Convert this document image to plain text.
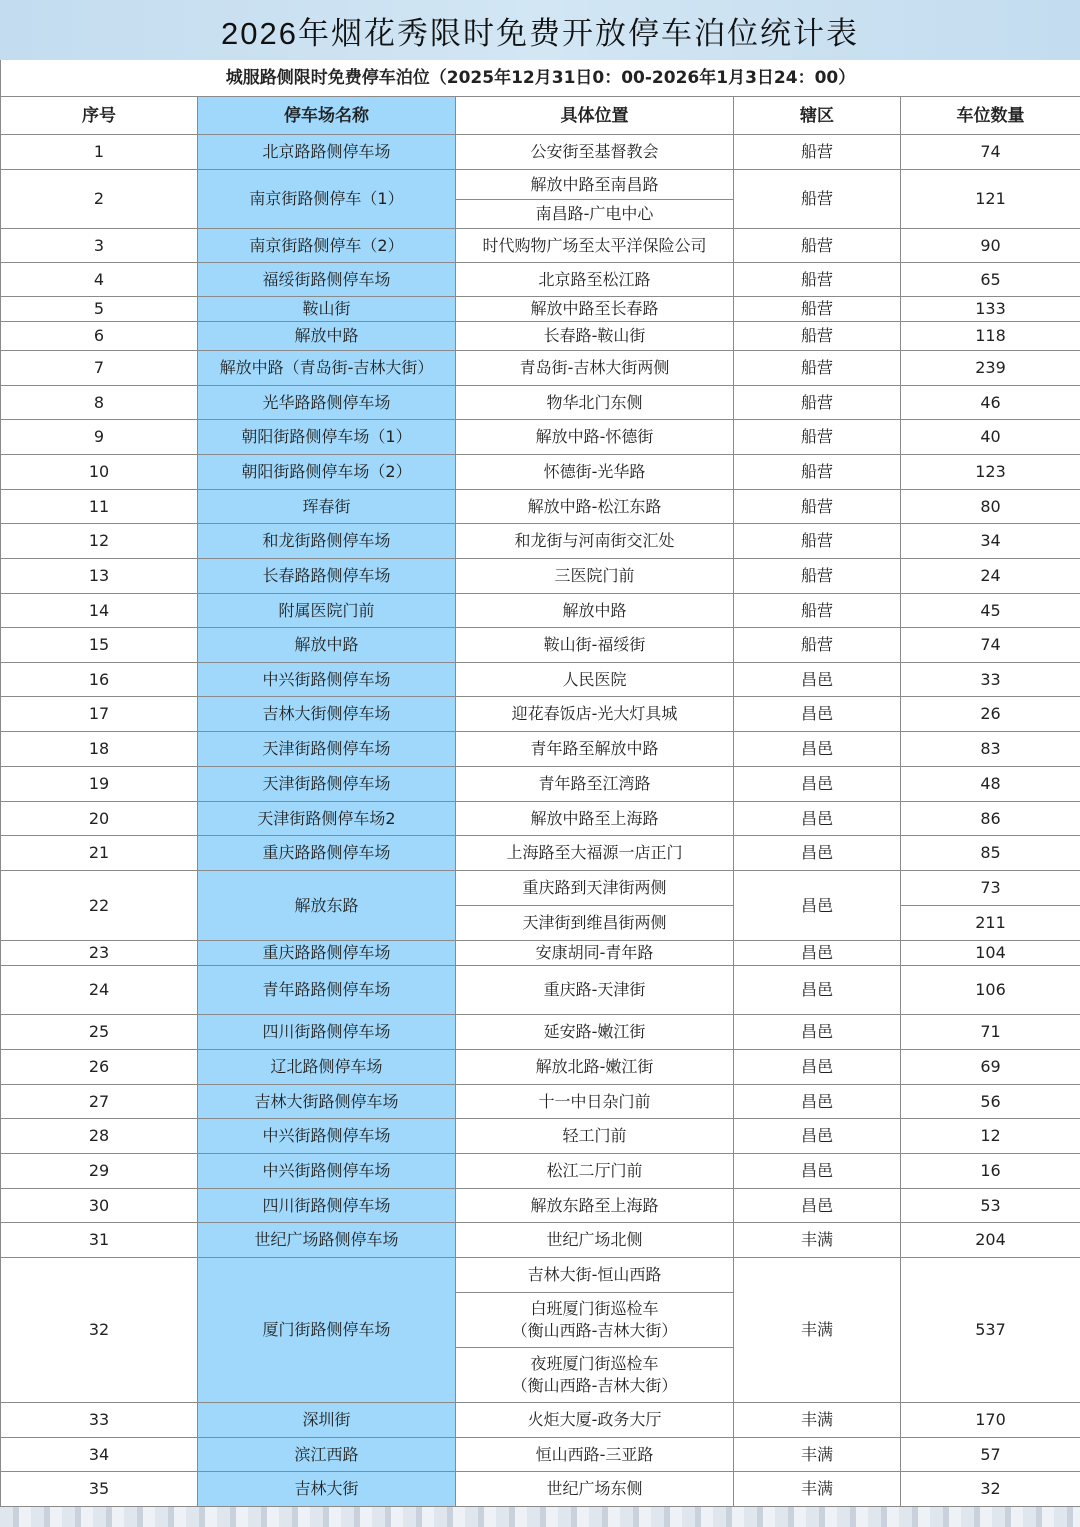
2026年烟花秀限时免费开放停车泊位统计表
城服路侧限时免费停车泊位（2025年12月31日0：00-2026年1月3日24：00）				
序号	停车场名称	具体位置	辖区	车位数量
1	北京路路侧停车场	公安街至基督教会	船营	74
2	南京街路侧停车（1）	解放中路至南昌路	船营	121
		南昌路-广电中心		
3	南京街路侧停车（2）	时代购物广场至太平洋保险公司	船营	90
4	福绥街路侧停车场	北京路至松江路	船营	65
5	鞍山街	解放中路至长春路	船营	133
6	解放中路	长春路-鞍山街	船营	118
7	解放中路（青岛街-吉林大街）	青岛街-吉林大街两侧	船营	239
8	光华路路侧停车场	物华北门东侧	船营	46
9	朝阳街路侧停车场（1）	解放中路-怀德街	船营	40
10	朝阳街路侧停车场（2）	怀德街-光华路	船营	123
11	珲春街	解放中路-松江东路	船营	80
12	和龙街路侧停车场	和龙街与河南街交汇处	船营	34
13	长春路路侧停车场	三医院门前	船营	24
14	附属医院门前	解放中路	船营	45
15	解放中路	鞍山街-福绥街	船营	74
16	中兴街路侧停车场	人民医院	昌邑	33
17	吉林大街侧停车场	迎花春饭店-光大灯具城	昌邑	26
18	天津街路侧停车场	青年路至解放中路	昌邑	83
19	天津街路侧停车场	青年路至江湾路	昌邑	48
20	天津街路侧停车场2	解放中路至上海路	昌邑	86
21	重庆路路侧停车场	上海路至大福源一店正门	昌邑	85
22	解放东路	重庆路到天津街两侧	昌邑	73
		天津街到维昌街两侧		211
23	重庆路路侧停车场	安康胡同-青年路	昌邑	104
24	青年路路侧停车场	重庆路-天津街	昌邑	106
25	四川街路侧停车场	延安路-嫩江街	昌邑	71
26	辽北路侧停车场	解放北路-嫩江街	昌邑	69
27	吉林大街路侧停车场	十一中日杂门前	昌邑	56
28	中兴街路侧停车场	轻工门前	昌邑	12
29	中兴街路侧停车场	松江二厅门前	昌邑	16
30	四川街路侧停车场	解放东路至上海路	昌邑	53
31	世纪广场路侧停车场	世纪广场北侧	丰满	204
32	厦门街路侧停车场	吉林大街-恒山西路	丰满	537
		白班厦门街巡检车
（衡山西路-吉林大街）		
		夜班厦门街巡检车
（衡山西路-吉林大街）		
33	深圳街	火炬大厦-政务大厅	丰满	170
34	滨江西路	恒山西路-三亚路	丰满	57
35	吉林大街	世纪广场东侧	丰满	32
